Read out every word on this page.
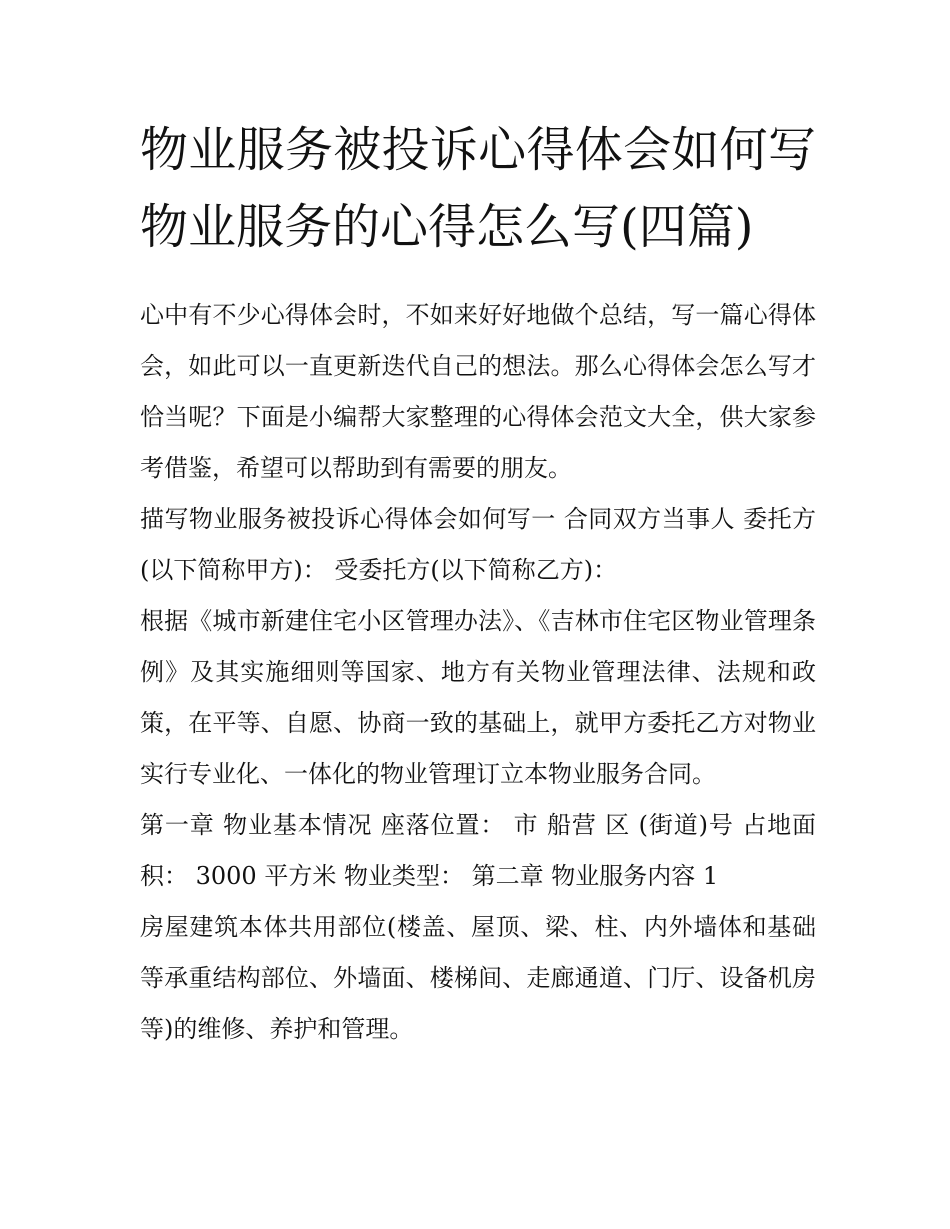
物业服务被投诉心得体会如何写 物业服务的心得怎么写(四篇)

心中有不少心得体会时，不如来好好地做个总结，写一篇心得体会，如此可以一直更新迭代自己的想法。那么心得体会怎么写才恰当呢？下面是小编帮大家整理的心得体会范文大全，供大家参考借鉴，希望可以帮助到有需要的朋友。

描写物业服务被投诉心得体会如何写一 合同双方当事人 委托方(以下简称甲方)： 受委托方(以下简称乙方)：

根据《城市新建住宅小区管理办法》、《吉林市住宅区物业管理条例》及其实施细则等国家、地方有关物业管理法律、法规和政策，在平等、自愿、协商一致的基础上，就甲方委托乙方对物业实行专业化、一体化的物业管理订立本物业服务合同。

第一章 物业基本情况 座落位置： 市 船营 区 (街道)号 占地面积： 3000 平方米 物业类型： 第二章 物业服务内容 1

房屋建筑本体共用部位(楼盖、屋顶、梁、柱、内外墙体和基础等承重结构部位、外墙面、楼梯间、走廊通道、门厅、设备机房等)的维修、养护和管理。
